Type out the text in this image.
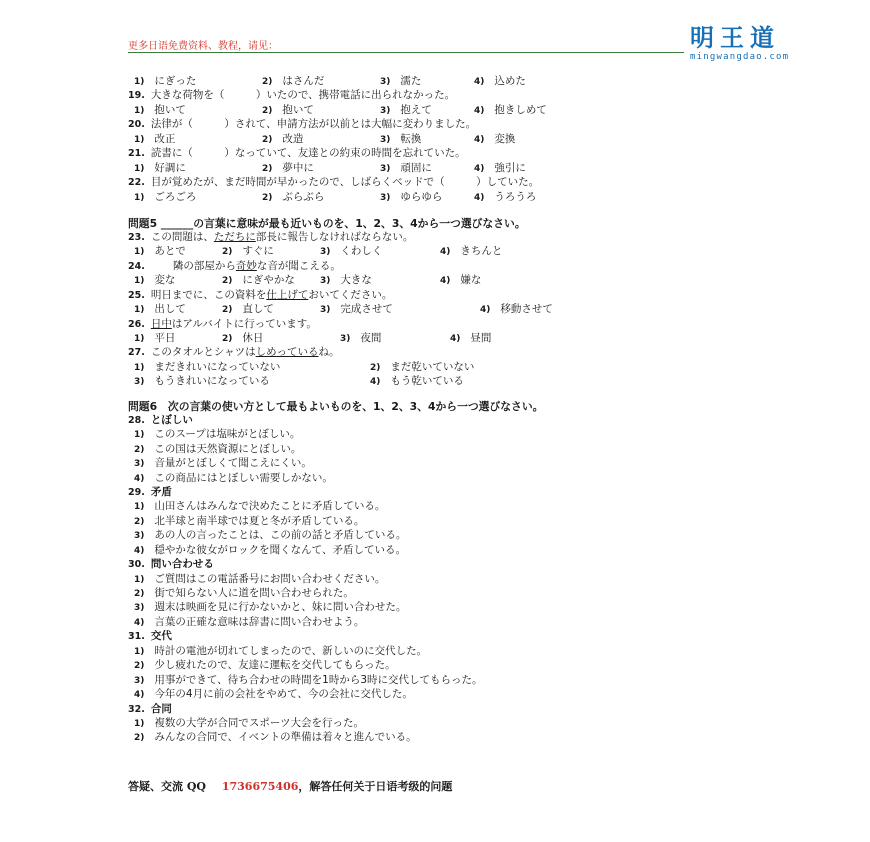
更多日语免费资料、教程，请见：	明王道
mingwangdao.com
1) にぎった	2) はさんだ	3) 濡た	4) 込めた
19. 大きな荷物を（　　　）いたので、携帯電話に出られなかった。
1) 抱いて	2) 抱いて	3) 抱えて	4) 抱きしめて
20. 法律が（　　　）されて、申請方法が以前とは大幅に変わりました。
1) 改正	2) 改造	3) 転換	4) 変換
21. 読書に（　　　）なっていて、友達との約束の時間を忘れていた。
1) 好調に	2) 夢中に	3) 頑固に	4) 強引に
22. 目が覚めたが、まだ時間が早かったので、しばらくベッドで（　　　）していた。
1) ごろごろ	2) ぶらぶら	3) ゆらゆら	4) うろうろ
問題5 ______の言葉に意味が最も近いものを、1、2、3、4から一つ選びなさい。
23. この問題は、ただちに部長に報告しなければならない。
1) あとで	2) すぐに	3) くわしく	4) きちんと
24.	隣の部屋から奇妙な音が聞こえる。
1) 変な	2) にぎやかな	3) 大きな	4) 嫌な
25. 明日までに、この資料を仕上げておいてください。
1) 出して	2) 直して	3) 完成させて	4) 移動させて
26. 日中はアルバイトに行っています。
1) 平日	2) 休日	3) 夜間	4) 昼間
27. このタオルとシャツはしめっているね。
1) まだきれいになっていない	2) まだ乾いていない
3) もうきれいになっている	4) もう乾いている
問題6　次の言葉の使い方として最もよいものを、1、2、3、4から一つ選びなさい。
28. とぼしい
1) このスープは塩味がとぼしい。
2) この国は天然資源にとぼしい。
3) 音量がとぼしくて聞こえにくい。
4) この商品にはとぼしい需要しかない。
29. 矛盾
1) 山田さんはみんなで決めたことに矛盾している。
2) 北半球と南半球では夏と冬が矛盾している。
3) あの人の言ったことは、この前の話と矛盾している。
4) 穏やかな彼女がロックを聞くなんて、矛盾している。
30. 問い合わせる
1) ご質問はこの電話番号にお問い合わせください。
2) 街で知らない人に道を問い合わせられた。
3) 週末は映画を見に行かないかと、妹に問い合わせた。
4) 言葉の正確な意味は辞書に問い合わせよう。
31. 交代
1) 時計の電池が切れてしまったので、新しいのに交代した。
2) 少し疲れたので、友達に運転を交代してもらった。
3) 用事ができて、待ち合わせの時間を1時から3時に交代してもらった。
4) 今年の4月に前の会社をやめて、今の会社に交代した。
32. 合同
1) 複数の大学が合同でスポーツ大会を行った。
2) みんなの合同で、イベントの準備は着々と進んでいる。
答疑、交流 QQ 1736675406，解答任何关于日语考级的问题
